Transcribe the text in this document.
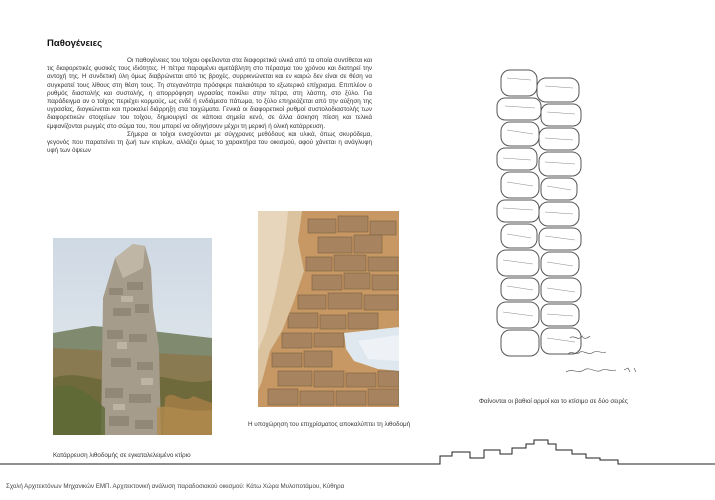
Παθογένειες

Οι παθογένειες του τοίχου οφείλονται στα διαφορετικά υλικά από τα οποία συντίθεται και τις διαφορετικές φυσικές τους ιδιότητες. Η πέτρα παραμένει αμετάβλητη στο πέρασμα του χρόνου και διατηρεί την αντοχή της. Η συνδετική ύλη όμως διαβρώνεται από τις βροχές, συρρικνώνεται και εν καιρώ δεν είναι σε θέση να συγκρατεί τους λίθους στη θέση τους. Τη στεγανότητα πρόσφερε παλαιότερα το εξωτερικό επίχρισμα. Επιπλέον ο ρυθμός διαστολής και συστολής, η απορρόφηση υγρασίας ποικίλει στην πέτρα, στη λάσπη, στο ξύλο. Για παράδειγμα αν ο τοίχος περιέχει κορμούς, ως ενδέ ή ενδιάμεσο πάτωμα, το ξύλο επηρεάζεται από την αύξηση της υγρασίας, διογκώνεται και προκαλεί διάρρηξη στα τοιχώματα. Γενικά οι διαφορετικοί ρυθμοί συστολοδιαστολής των διαφορετικών στοιχείων του τοίχου, δημιουργεί σε κάποια σημεία κενό, σε άλλα άσκηση πίεση και τελικά εμφανίζονται ρωγμές στο σώμα του, που μπορεί να οδηγήσουν μέχρι τη μερική ή ολική κατάρρευση.

Σήμερα οι τοίχοι ενισχύονται με σύγχρονες μεθόδους και υλικά, όπως σκυρόδεμα, γεγονός που παρατείνει τη ζωή των κτιρίων, αλλάζει όμως το χαρακτήρα του οικισμού, αφού χάνεται η ανάγλυφη υφή των όψεων

Κατάρρευση λιθοδομής σε εγκαταλελειμένο κτίριο
Η υποχώρηση του επιχρίσματος αποκαλύπτει τη λιθοδομή
Φαίνονται οι βαθιοί αρμοί και το κτίσιμο σε δύο σειρές
Σχολή Αρχιτεκτόνων Μηχανικών ΕΜΠ. Αρχιτεκτονική ανάλυση παραδοσιακού οικισμού: Κάτω Χώρα Μυλοποτάμου, Κύθηρα
